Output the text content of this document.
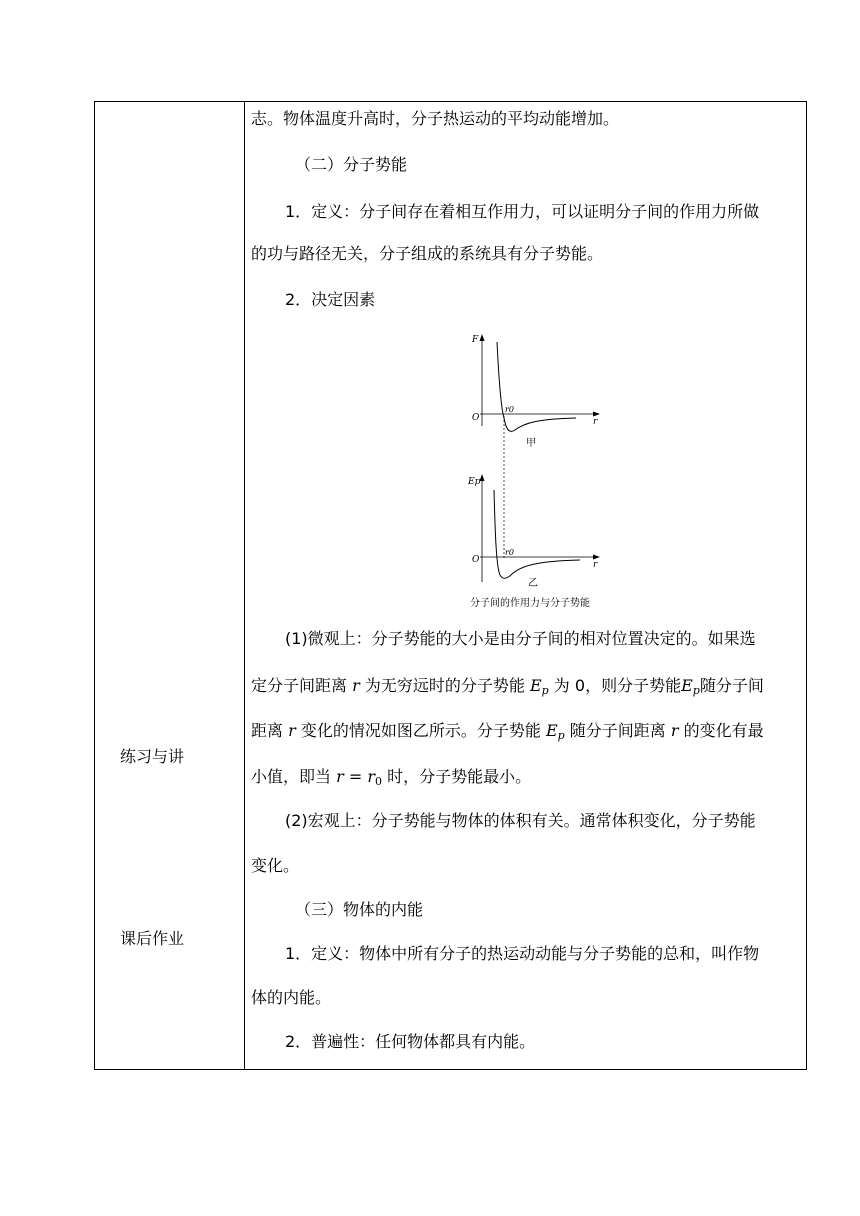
练习与讲
课后作业
志。物体温度升高时，分子热运动的平均动能增加。
（二）分子势能
1．定义：分子间存在着相互作用力，可以证明分子间的作用力所做
的功与路径无关，分子组成的系统具有分子势能。
2．决定因素
(1)微观上：分子势能的大小是由分子间的相对位置决定的。如果选
定分子间距离 r 为无穷远时的分子势能 Ep 为 0，则分子势能Ep随分子间
距离 r 变化的情况如图乙所示。分子势能 Ep 随分子间距离 r 的变化有最
小值，即当 r = r0 时，分子势能最小。
(2)宏观上：分子势能与物体的体积有关。通常体积变化，分子势能
变化。
（三）物体的内能
1．定义：物体中所有分子的热运动动能与分子势能的总和，叫作物
体的内能。
2．普遍性：任何物体都具有内能。
F
O
r0
r
甲
Ep
O
r0
r
乙
分子间的作用力与分子势能
